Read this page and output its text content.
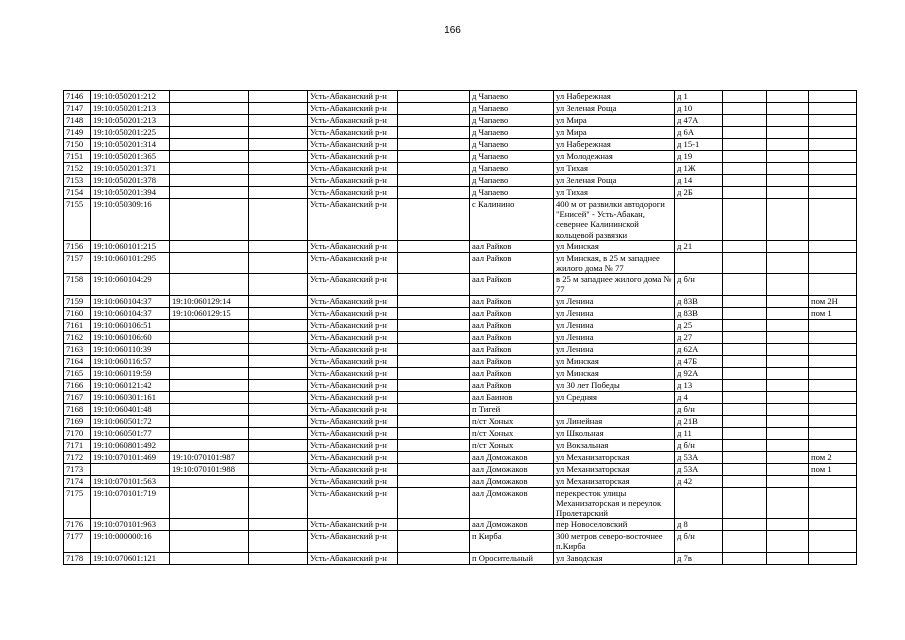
166
7146	19:10:050201:212			Усть-Абаканский р-н		д Чапаево	ул Набережная	д 1			
7147	19:10:050201:213			Усть-Абаканский р-н		д Чапаево	ул Зеленая Роща	д 10			
7148	19:10:050201:213			Усть-Абаканский р-н		д Чапаево	ул Мира	д 47А			
7149	19:10:050201:225			Усть-Абаканский р-н		д Чапаево	ул Мира	д 6А			
7150	19:10:050201:314			Усть-Абаканский р-н		д Чапаево	ул Набережная	д 15-1			
7151	19:10:050201:365			Усть-Абаканский р-н		д Чапаево	ул Молодежная	д 19			
7152	19:10:050201:371			Усть-Абаканский р-н		д Чапаево	ул Тихая	д 1Ж			
7153	19:10:050201:378			Усть-Абаканский р-н		д Чапаево	ул Зеленая Роща	д 14			
7154	19:10:050201:394			Усть-Абаканский р-н		д Чапаево	ул Тихая	д 2Б			
7155	19:10:050309:16			Усть-Абаканский р-н		с Калинино	400 м от развилки автодороги "Енисей" - Усть-Абакан, севернее Калининской кольцевой развязки				
7156	19:10:060101:215			Усть-Абаканский р-н		аал Райков	ул Минская	д 21			
7157	19:10:060101:295			Усть-Абаканский р-н		аал Райков	ул Минская, в 25 м западнее жилого дома № 77				
7158	19:10:060104:29			Усть-Абаканский р-н		аал Райков	в 25 м западнее жилого дома № 77	д б/н			
7159	19:10:060104:37	19:10:060129:14		Усть-Абаканский р-н		аал Райков	ул Ленина	д 83В			пом 2Н
7160	19:10:060104:37	19:10:060129:15		Усть-Абаканский р-н		аал Райков	ул Ленина	д 83В			пом 1
7161	19:10:060106:51			Усть-Абаканский р-н		аал Райков	ул Ленина	д 25			
7162	19:10:060106:60			Усть-Абаканский р-н		аал Райков	ул Ленина	д 27			
7163	19:10:060110:39			Усть-Абаканский р-н		аал Райков	ул Ленина	д 62А			
7164	19:10:060116:57			Усть-Абаканский р-н		аал Райков	ул Минская	д 47Б			
7165	19:10:060119:59			Усть-Абаканский р-н		аал Райков	ул Минская	д 92А			
7166	19:10:060121:42			Усть-Абаканский р-н		аал Райков	ул 30 лет Победы	д 13			
7167	19:10:060301:161			Усть-Абаканский р-н		аал Баинов	ул Средняя	д 4			
7168	19:10:060401:48			Усть-Абаканский р-н		п Тигей		д б/н			
7169	19:10:060501:72			Усть-Абаканский р-н		п/ст Хоных	ул Линейная	д 21В			
7170	19:10:060501:77			Усть-Абаканский р-н		п/ст Хоных	ул Школьная	д 11			
7171	19:10:060801:492			Усть-Абаканский р-н		п/ст Хоных	ул Вокзальная	д б/н			
7172	19:10:070101:469	19:10:070101:987		Усть-Абаканский р-н		аал Доможаков	ул Механизаторская	д 53А			пом 2
7173		19:10:070101:988		Усть-Абаканский р-н		аал Доможаков	ул Механизаторская	д 53А			пом 1
7174	19:10:070101:563			Усть-Абаканский р-н		аал Доможаков	ул Механизаторская	д 42			
7175	19:10:070101:719			Усть-Абаканский р-н		аал Доможаков	перекресток улицы Механизаторская и переулок Пролетарский				
7176	19:10:070101:963			Усть-Абаканский р-н		аал Доможаков	пер Новоселовский	д 8			
7177	19:10:000000:16			Усть-Абаканский р-н		п Кирба	300 метров северо-восточнее п.Кирба	д б/н			
7178	19:10:070601:121			Усть-Абаканский р-н		п Оросительный	ул Заводская	д 7в			
